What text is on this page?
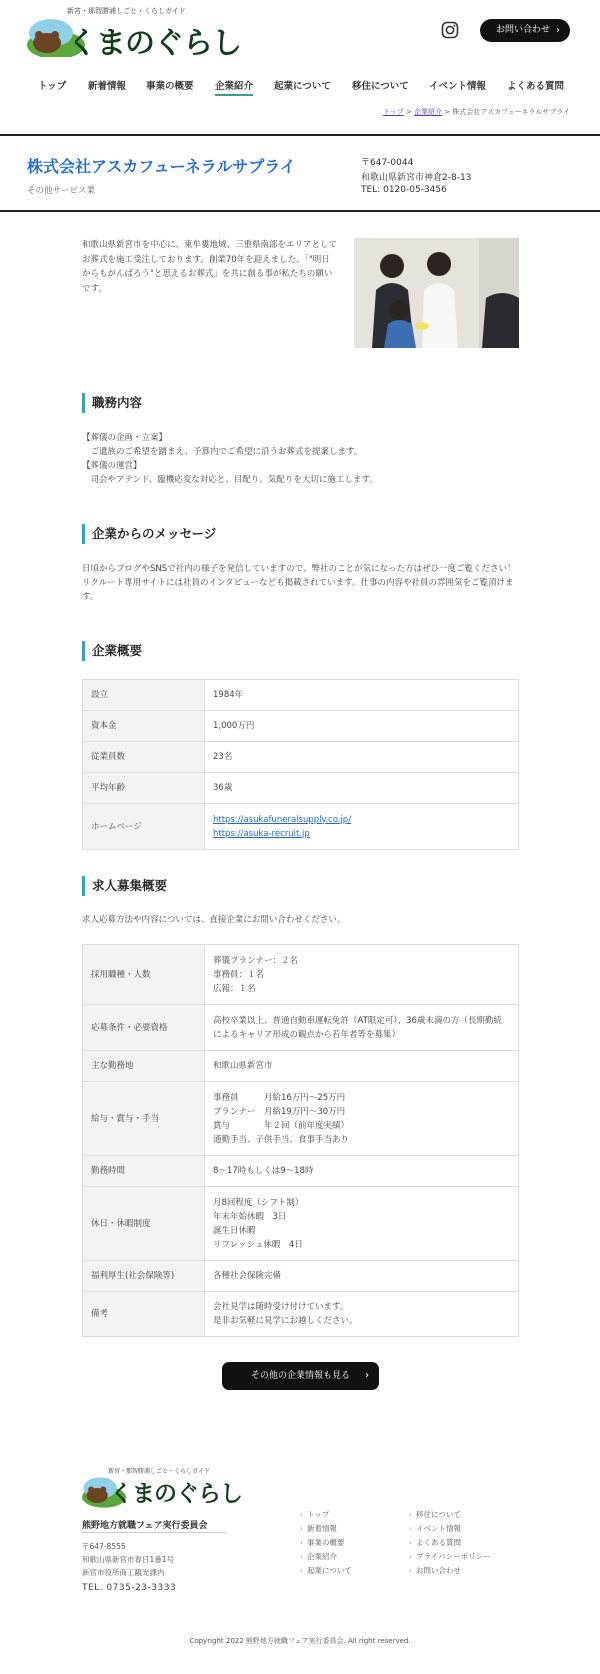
新宮・那智勝浦しごと・くらしガイド
くまのぐらし	お問い合わせ ›
トップ 新着情報 事業の概要 企業紹介 起業について 移住について イベント情報 よくある質問
トップ > 企業紹介 > 株式会社アスカフューネラルサプライ
株式会社アスカフューネラルサプライ
その他サービス業
〒647-0044
和歌山県新宮市神倉2-8-13
TEL: 0120-05-3456

和歌山県新宮市を中心に、東牟婁地域、三重県南部をエリアとしてお葬式を施工受注しております。創業70年を迎えました。「"明日からもがんばろう"と思えるお葬式」を共に創る事が私たちの願いです。

職務内容
【葬儀の企画・立案】
　ご遺族のご希望を踏まえ、予算内でご希望に沿うお葬式を提案します。
【葬儀の運営】
　司会やアテンド、臨機応変な対応と、目配り、気配りを大切に施工します。
企業からのメッセージ

日頃からブログやSNSで社内の様子を発信していますので、弊社のことが気になった方はぜひ一度ご覧ください！リクルート専用サイトには社員のインタビューなども掲載されています。仕事の内容や社員の雰囲気をご覧頂けます。

企業概要
設立	1984年
資本金	1,000万円
従業員数	23名
平均年齢	36歳
ホームページ	https://asukafuneralsupply.co.jp/
https://asuka-recruit.jp
求人募集概要
求人応募方法や内容については、直接企業にお問い合わせください。
採用職種・人数	葬儀プランナー：２名
事務員：１名
広報：１名

応募条件・必要資格	高校卒業以上、普通自動車運転免許（AT限定可）、36歳未満の方（長期勤続によるキャリア形成の観点から若年者等を募集）
主な勤務地	和歌山県新宮市
給与・賞与・手当	事務員　　　月給16万円〜25万円
プランナー　月給19万円〜30万円
賞与　　　　年２回（前年度実績）
通勤手当、子供手当、食事手当あり

勤務時間	8〜17時もしくは9〜18時
休日・休暇制度	月8回程度（シフト制）
年末年始休暇　3日
誕生日休暇
リフレッシュ休暇　4日

福利厚生(社会保険等)	各種社会保険完備
備考	会社見学は随時受け付けています。
是非お気軽に見学にお越しください。
その他の企業情報も見る ›
新宮・那智勝浦しごと・くらしガイド
くまのぐらし
熊野地方就職フェア実行委員会
〒647-8555
和歌山県新宮市春日1番1号
新宮市役所商工観光課内
TEL. 0735-23-3333
› トップ
› 新着情報
› 事業の概要
› 企業紹介
› 起業について
› 移住について
› イベント情報
› よくある質問
› プライバシーポリシー
› お問い合わせ
Copyright 2022 熊野地方就職フェア実行委員会. All right reserved.
